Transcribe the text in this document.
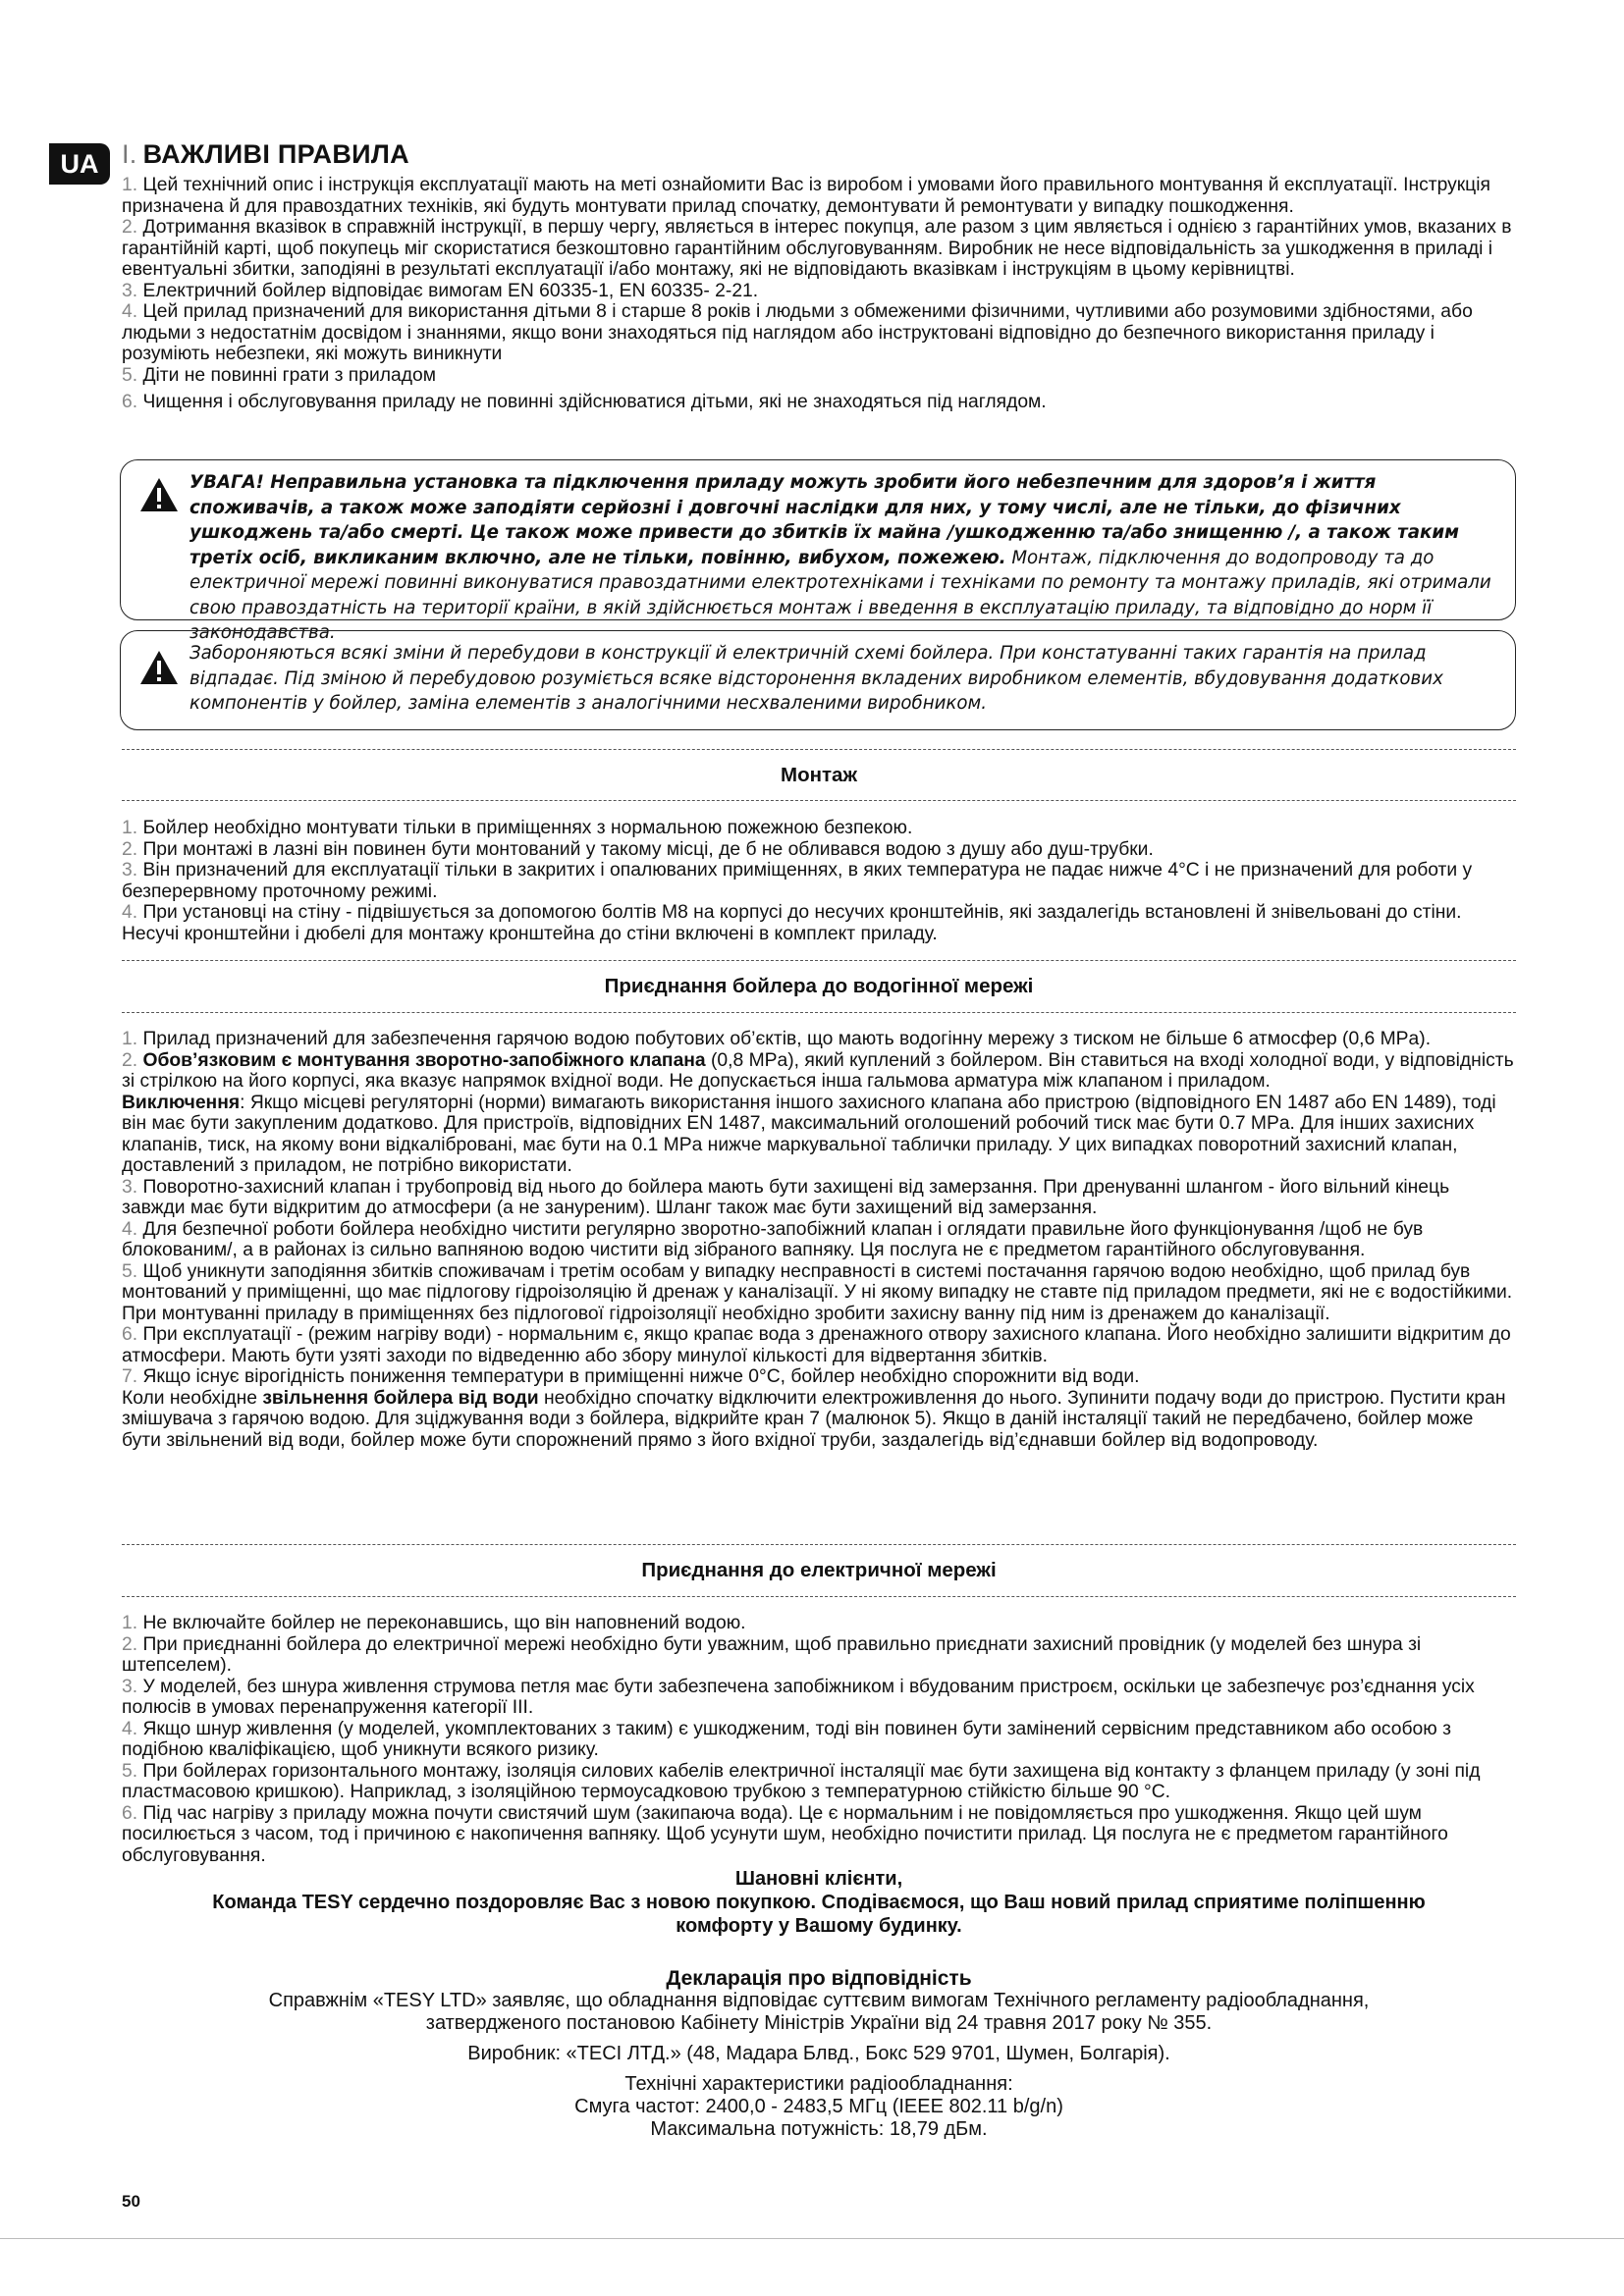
UA I. ВАЖЛИВІ ПРАВИЛА

1. Цей технічний опис і інструкція експлуатації мають на меті ознайомити Вас із виробом і умовами його правильного монтування й експлуатації. Інструкція призначена й для правоздатних техніків, які будуть монтувати прилад спочатку, демонтувати й ремонтувати у випадку пошкодження.

2. Дотримання вказівок в справжній інструкції, в першу чергу, являється в інтерес покупця, але разом з цим являється і однією з гарантійних умов, вказаних в гарантійній карті, щоб покупець міг скористатися безкоштовно гарантійним обслуговуванням. Виробник не несе відповідальність за ушкодження в приладі і евентуальні збитки, заподіяні в результаті експлуатації і/або монтажу, які не відповідають вказівкам і інструкціям в цьому керівництві.

3. Електричний бойлер відповідає вимогам EN 60335-1, EN 60335- 2-21.

4. Цей прилад призначений для використання дітьми 8 і старше 8 років і людьми з обмеженими фізичними, чутливими або розумовими здібностями, або людьми з недостатнім досвідом і знаннями, якщо вони знаходяться під наглядом або інструктовані відповідно до безпечного використання приладу і розуміють небезпеки, які можуть виникнути

5. Діти не повинні грати з приладом

6. Чищення і обслуговування приладу не повинні здійснюватися дітьми, які не знаходяться під наглядом.

УВАГА! Неправильна установка та підключення приладу можуть зробити його небезпечним для здоров’я і життя споживачів, а також може заподіяти серйозні і довгочні наслідки для них, у тому числі, але не тільки, до фізичних ушкоджень та/або смерті. Це також може привести до збитків їх майна /ушкодженню та/або знищенню /, а також таким третіх осіб, викликаним включно, але не тільки, повінню, вибухом, пожежею. Монтаж, підключення до водопроводу та до електричної мережі повинні виконуватися правоздатними електротехніками і техніками по ремонту та монтажу приладів, які отримали свою правоздатність на території країни, в якій здійснюється монтаж і введення в експлуатацію приладу, та відповідно до норм її законодавства.

Забороняються всякі зміни й перебудови в конструкції й електричній схемі бойлера. При констатуванні таких гарантія на прилад відпадає. Під зміною й перебудовою розуміється всяке відсторонення вкладених виробником елементів, вбудовування додаткових компонентів у бойлер, заміна елементів з аналогічними несхваленими виробником.

Монтаж

1. Бойлер необхідно монтувати тільки в приміщеннях з нормальною пожежною безпекою.

2. При монтажі в лазні він повинен бути монтований у такому місці, де б не обливався водою з душу або душ-трубки.

3. Він призначений для експлуатації тільки в закритих і опалюваних приміщеннях, в яких температура не падає нижче 4°C і не призначений для роботи у безперервному проточному режимі.

4. При установці на стіну - підвішується за допомогою болтів М8 на корпусі до несучих кронштейнів, які заздалегідь встановлені й знівельовані до стіни. Несучі кронштейни і дюбелі для монтажу кронштейна до стіни включені в комплект приладу.

Приєднання бойлера до водогінної мережі

1. Прилад призначений для забезпечення гарячою водою побутових об’єктів, що мають водогінну мережу з тиском не більше 6 атмосфер (0,6 MPa).

2. Обов’язковим є монтування зворотно-запобіжного клапана (0,8 MPa), який куплений з бойлером. Він ставиться на вході холодної води, у відповідність зі стрілкою на його корпусі, яка вказує напрямок вхідної води. Не допускається інша гальмова арматура між клапаном і приладом.

Виключення: Якщо місцеві регуляторні (норми) вимагають використання іншого захисного клапана або пристрою (відповідного EN 1487 або EN 1489), тоді він має бути закупленим додатково. Для пристроїв, відповідних EN 1487, максимальний оголошений робочий тиск має бути 0.7 MPa. Для інших захисних клапанів, тиск, на якому вони відкалібровані, має бути на 0.1 MPa нижче маркувальної таблички приладу. У цих випадках поворотний захисний клапан, доставлений з приладом, не потрібно використати.

3. Поворотно-захисний клапан і трубопровід від нього до бойлера мають бути захищені від замерзання. При дренуванні шлангом - його вільний кінець завжди має бути відкритим до атмосфери (а не зануреним). Шланг також має бути захищений від замерзання.

4. Для безпечної роботи бойлера необхідно чистити регулярно зворотно-запобіжний клапан і оглядати правильне його функціонування /щоб не був блокованим/, а в районах із сильно вапняною водою чистити від зібраного вапняку. Ця послуга не є предметом гарантійного обслуговування.

5. Щоб уникнути заподіяння збитків споживачам і третім особам у випадку несправності в системі постачання гарячою водою необхідно, щоб прилад був монтований у приміщенні, що має підлогову гідроізоляцію й дренаж у каналізації. У ні якому випадку не ставте під приладом предмети, які не є водостійкими. При монтуванні приладу в приміщеннях без підлогової гідроізоляції необхідно зробити захисну ванну під ним із дренажем до каналізації.

6. При експлуатації - (режим нагріву води) - нормальним є, якщо крапає вода з дренажного отвору захисного клапана. Його необхідно залишити відкритим до атмосфери. Мають бути узяті заходи по відведенню або збору минулої кількості для відвертання збитків.

7. Якщо існує вірогідність пониження температури в приміщенні нижче 0°C, бойлер необхідно спорожнити від води.

Коли необхідне звільнення бойлера від води необхідно спочатку відключити електроживлення до нього. Зупинити подачу води до пристрою. Пустити кран змішувача з гарячою водою. Для зціджування води з бойлера, відкрийте кран 7 (малюнок 5). Якщо в даній інсталяції такий не передбачено, бойлер може бути звільнений від води, бойлер може бути спорожнений прямо з його вхідної труби, заздалегідь від’єднавши бойлер від водопроводу.

Приєднання до електричної мережі

1. Не включайте бойлер не переконавшись, що він наповнений водою.

2. При приєднанні бойлера до електричної мережі необхідно бути уважним, щоб правильно приєднати захисний провідник (у моделей без шнура зі штепселем).

3. У моделей, без шнура живлення струмова петля має бути забезпечена запобіжником і вбудованим пристроєм, оскільки це забезпечує роз’єднання усіх полюсів в умовах перенапруження категорії III.

4. Якщо шнур живлення (у моделей, укомплектованих з таким) є ушкодженим, тоді він повинен бути замінений сервісним представником або особою з подібною кваліфікацією, щоб уникнути всякого ризику.

5. При бойлерах горизонтального монтажу, ізоляція силових кабелів електричної інсталяції має бути захищена від контакту з фланцем приладу (у зоні під пластмасовою кришкою). Наприклад, з ізоляційною термоусадковою трубкою з температурною стійкістю більше 90 °C.

6. Під час нагріву з приладу можна почути свистячий шум (закипаюча вода). Це є нормальним і не повідомляється про ушкодження. Якщо цей шум посилюється з часом, тод і причиною є накопичення вапняку. Щоб усунути шум, необхідно почистити прилад. Ця послуга не є предметом гарантійного обслуговування.

Шановні клієнти,
Команда TESY сердечно поздоровляє Вас з новою покупкою. Сподіваємося, що Ваш новий прилад сприятиме поліпшенню комфорту у Вашому будинку.

Декларація про відповідність

Справжнім «TESY LTD» заявляє, що обладнання відповідає суттєвим вимогам Технічного регламенту радіообладнання, затвердженого постановою Кабінету Міністрів України від 24 травня 2017 року № 355.

Виробник: «ТЕСІ ЛТД.» (48, Мадара Блвд., Бокс 529 9701, Шумен, Болгарія).

Технічні характеристики радіообладнання:

Смуга частот: 2400,0 - 2483,5 МГц (IEEE 802.11 b/g/n)

Максимальна потужність: 18,79 дБм.

50
